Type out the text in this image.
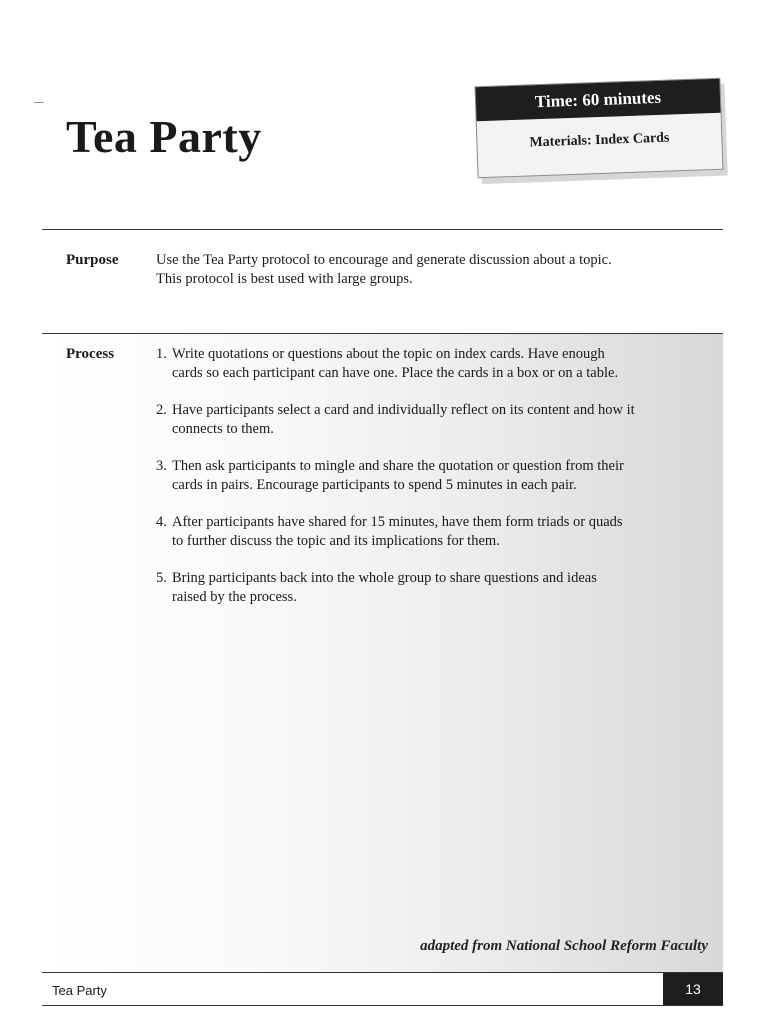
Tea Party
Time: 60 minutes
Materials: Index Cards
Purpose	Use the Tea Party protocol to encourage and generate discussion about a topic.
This protocol is best used with large groups.

Process	1. Write quotations or questions about the topic on index cards. Have enough
cards so each participant can have one. Place the cards in a box or on a table.
2. Have participants select a card and individually reflect on its content and how it
connects to them.
3. Then ask participants to mingle and share the quotation or question from their
cards in pairs. Encourage participants to spend 5 minutes in each pair.
4. After participants have shared for 15 minutes, have them form triads or quads
to further discuss the topic and its implications for them.
5. Bring participants back into the whole group to share questions and ideas
raised by the process.
adapted from National School Reform Faculty
Tea Party	13
